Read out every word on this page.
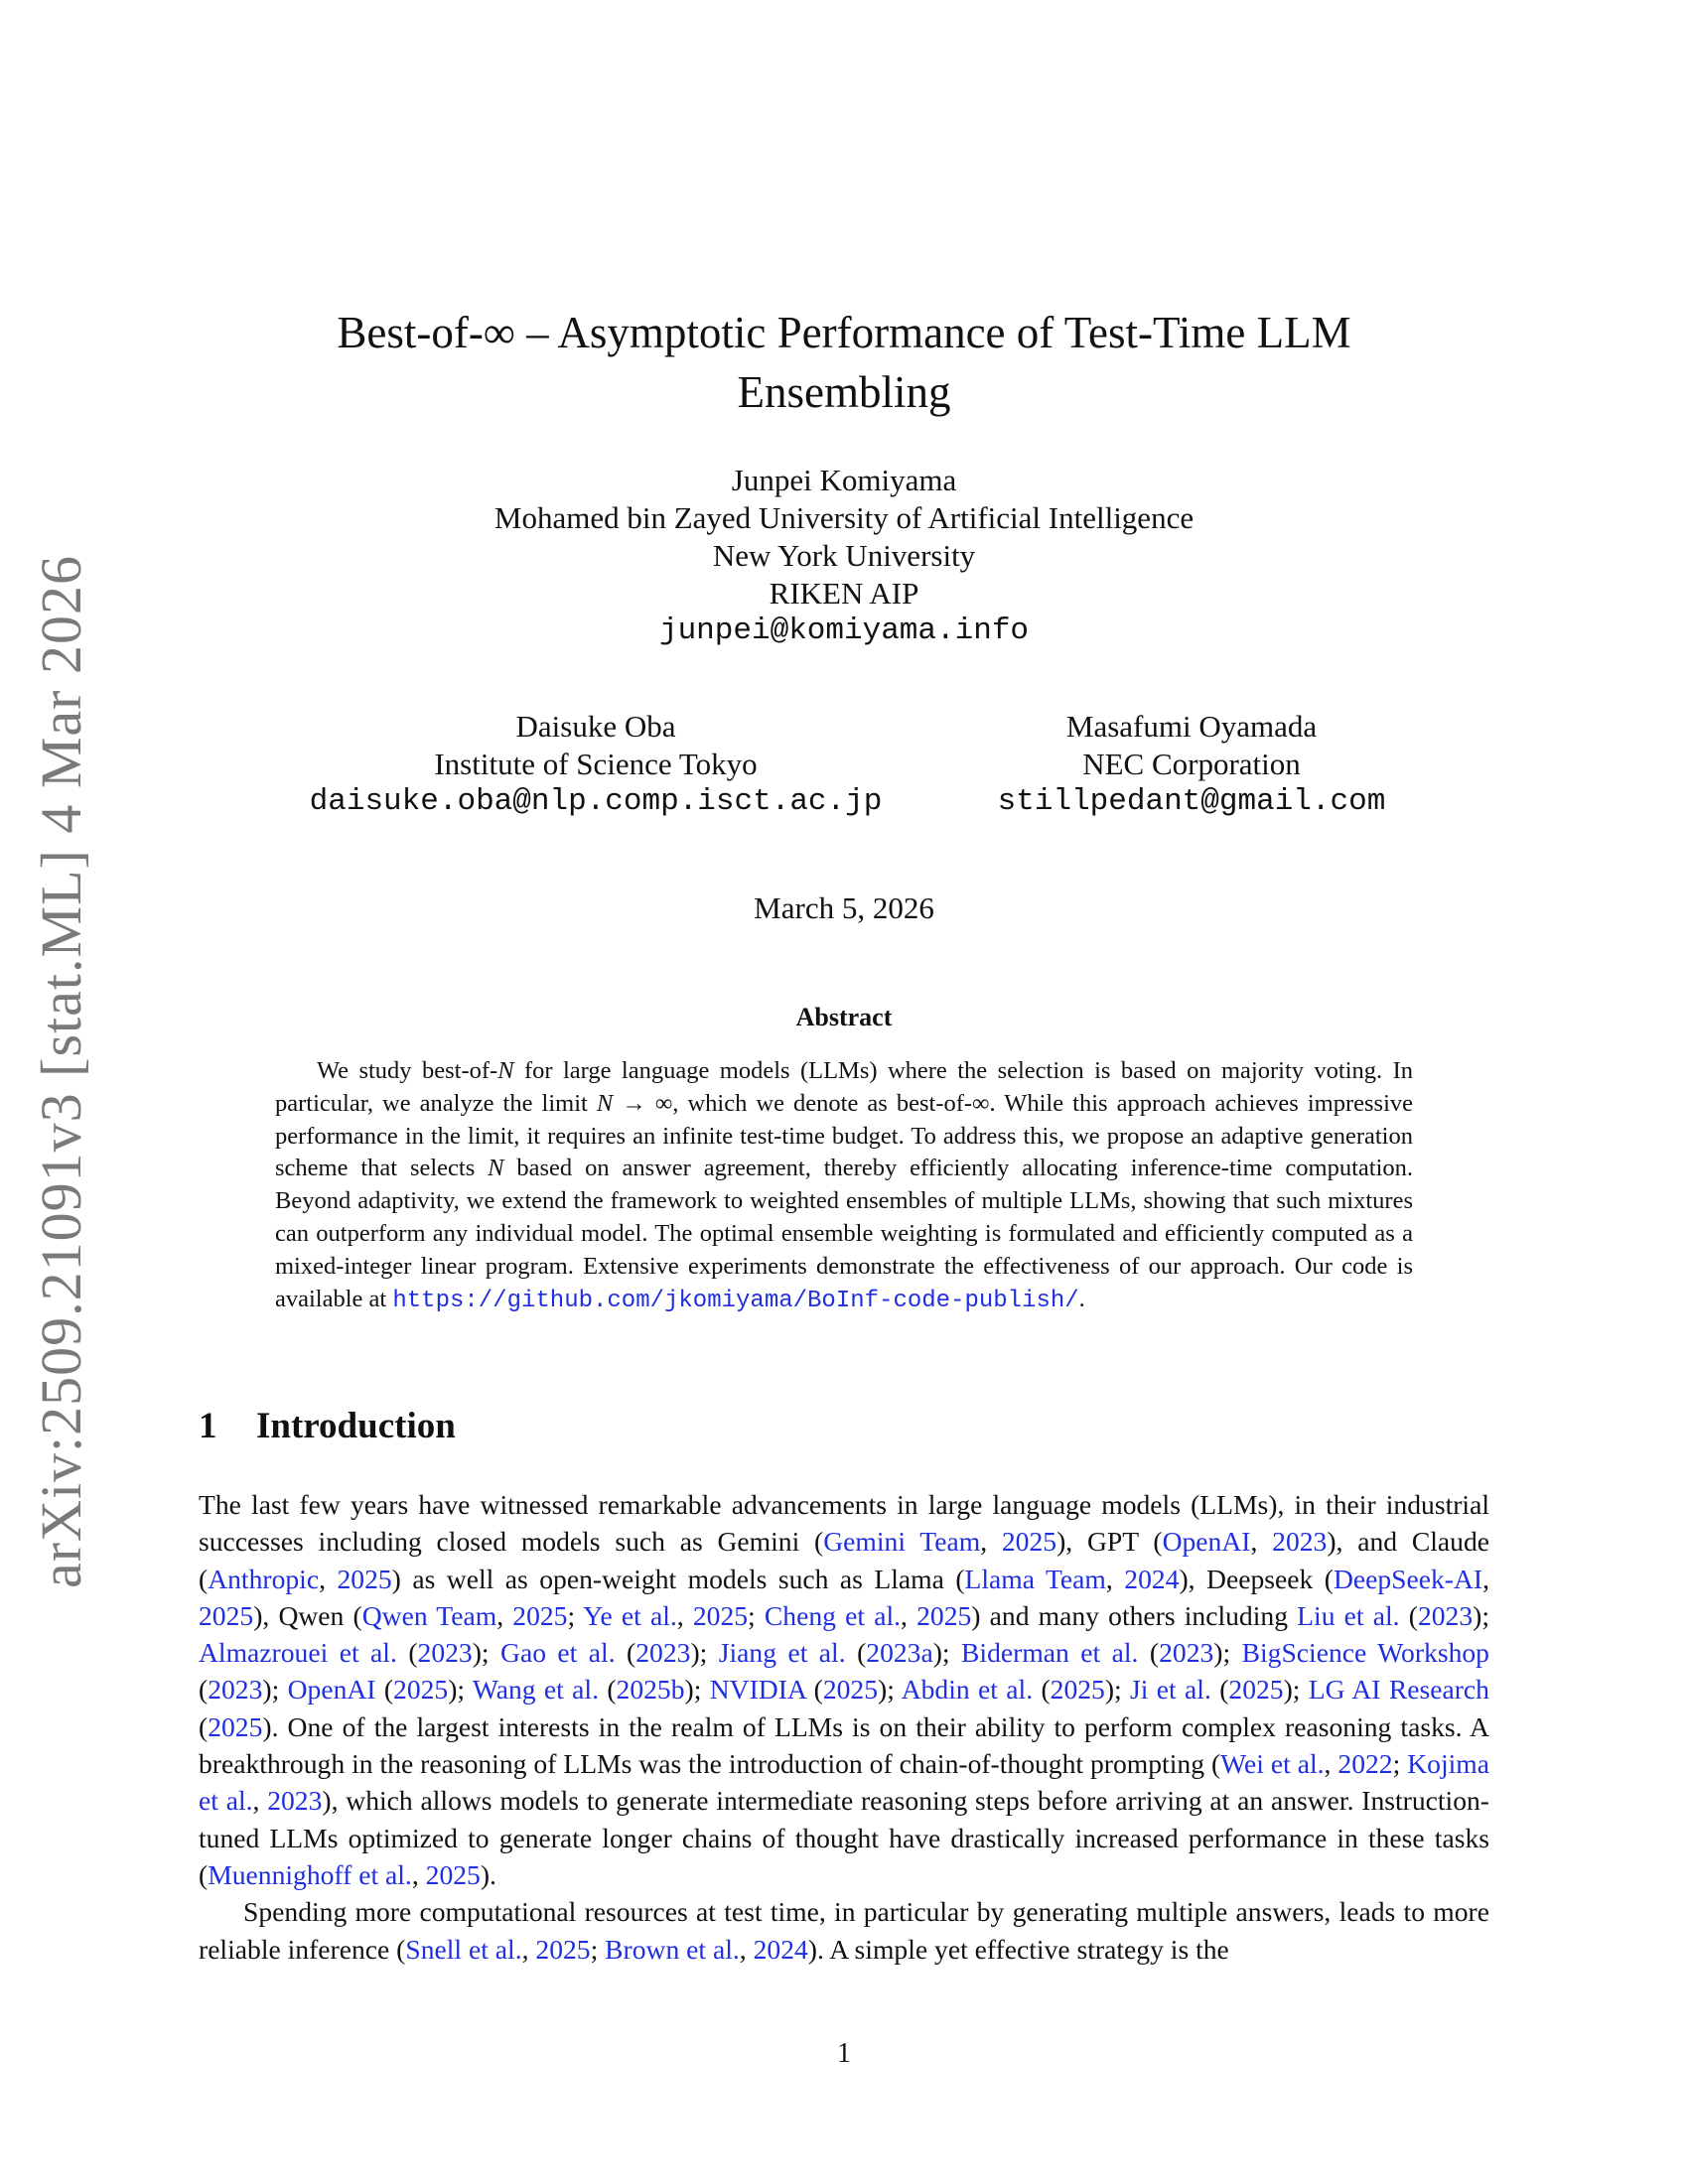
arXiv:2509.21091v3 [stat.ML] 4 Mar 2026
Best-of-∞ – Asymptotic Performance of Test-Time LLM
Ensembling
Junpei Komiyama
Mohamed bin Zayed University of Artificial Intelligence
New York University
RIKEN AIP
junpei@komiyama.info
Daisuke Oba
Institute of Science Tokyo
daisuke.oba@nlp.comp.isct.ac.jp
Masafumi Oyamada
NEC Corporation
stillpedant@gmail.com
March 5, 2026
Abstract
We study best-of-N for large language models (LLMs) where the selection is based on majority voting. In particular, we analyze the limit N → ∞, which we denote as best-of-∞. While this approach achieves impressive performance in the limit, it requires an infinite test-time budget. To address this, we propose an adaptive generation scheme that selects N based on answer agreement, thereby efficiently allocating inference-time computation. Beyond adaptivity, we extend the framework to weighted ensembles of multiple LLMs, showing that such mixtures can outperform any individual model. The optimal ensemble weighting is formulated and efficiently computed as a mixed-integer linear program. Extensive experiments demonstrate the effectiveness of our approach. Our code is available at https://github.com/jkomiyama/BoInf-code-publish/.
1 Introduction

The last few years have witnessed remarkable advancements in large language models (LLMs), in their industrial successes including closed models such as Gemini (Gemini Team, 2025), GPT (OpenAI, 2023), and Claude (Anthropic, 2025) as well as open-weight models such as Llama (Llama Team, 2024), Deepseek (DeepSeek-AI, 2025), Qwen (Qwen Team, 2025; Ye et al., 2025; Cheng et al., 2025) and many others including Liu et al. (2023); Almazrouei et al. (2023); Gao et al. (2023); Jiang et al. (2023a); Biderman et al. (2023); BigScience Workshop (2023); OpenAI (2025); Wang et al. (2025b); NVIDIA (2025); Abdin et al. (2025); Ji et al. (2025); LG AI Research (2025). One of the largest interests in the realm of LLMs is on their ability to perform complex reasoning tasks. A breakthrough in the reasoning of LLMs was the introduction of chain-of-thought prompting (Wei et al., 2022; Kojima et al., 2023), which allows models to generate intermediate reasoning steps before arriving at an answer. Instruction-tuned LLMs optimized to generate longer chains of thought have drastically increased performance in these tasks (Muennighoff et al., 2025).

Spending more computational resources at test time, in particular by generating multiple answers, leads to more reliable inference (Snell et al., 2025; Brown et al., 2024). A simple yet effective strategy is the

1
